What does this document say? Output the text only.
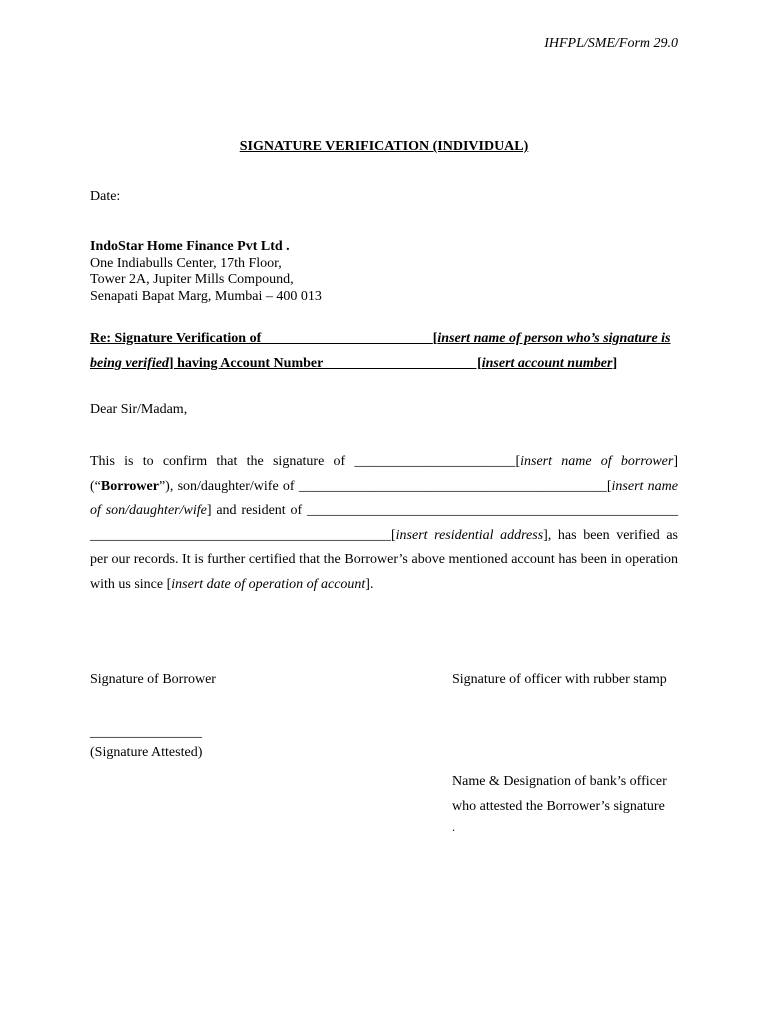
IHFPL/SME/Form 29.0
SIGNATURE VERIFICATION (INDIVIDUAL)
Date:
IndoStar Home Finance Pvt Ltd .
One Indiabulls Center, 17th Floor,
Tower 2A, Jupiter Mills Compound,
Senapati Bapat Marg, Mumbai – 400 013
Re: Signature Verification of ________________________[insert name of person who’s signature is being verified] having Account Number _____________________ [insert account number]
Dear Sir/Madam,
This is to confirm that the signature of _______________________[insert name of borrower] (“Borrower”), son/daughter/wife of ____________________________________________[insert name of son/daughter/wife] and resident of _____________________________________________________ ___________________________________________[insert residential address], has been verified as per our records. It is further certified that the Borrower’s above mentioned account has been in operation with us since [insert date of operation of account].
Signature of Borrower	Signature of officer with rubber stamp
________________
(Signature Attested)
Name & Designation of bank’s officer
who attested the Borrower’s signature
.
